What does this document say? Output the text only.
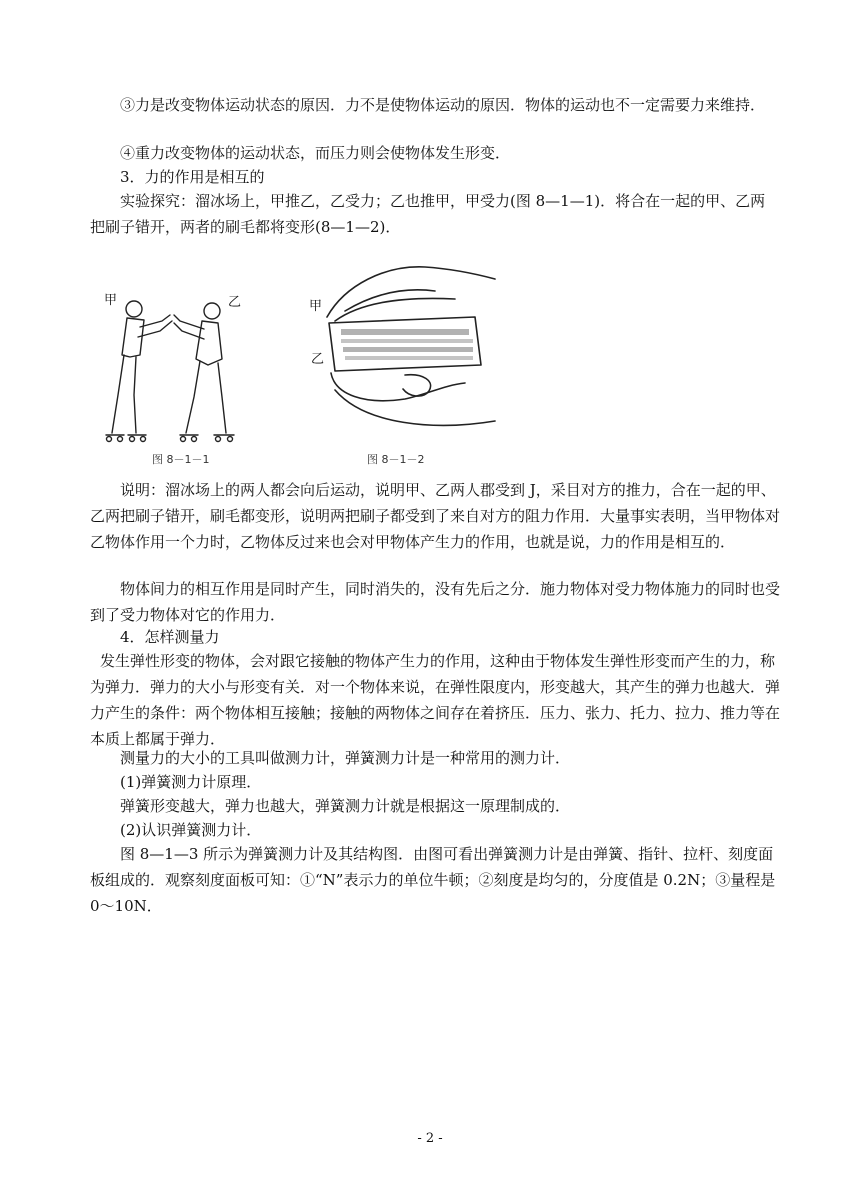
③力是改变物体运动状态的原因．力不是使物体运动的原因．物体的运动也不一定需要力来维持．

④重力改变物体的运动状态，而压力则会使物体发生形变．

3．力的作用是相互的

实验探究：溜冰场上，甲推乙，乙受力；乙也推甲，甲受力(图 8—1—1)．将合在一起的甲、乙两把刷子错开，两者的刷毛都将变形(8—1—2)．

甲	乙
图 8－1－1
甲
乙
图 8－1－2

说明：溜冰场上的两人都会向后运动，说明甲、乙两人郡受到 J，采目对方的推力，合在一起的甲、乙两把刷子错开，刷毛都变形，说明两把刷子都受到了来自对方的阻力作用．大量事实表明，当甲物体对乙物体作用一个力时，乙物体反过来也会对甲物体产生力的作用，也就是说，力的作用是相互的．

物体间力的相互作用是同时产生，同时消失的，没有先后之分．施力物体对受力物体施力的同时也受到了受力物体对它的作用力．

4．怎样测量力

发生弹性形变的物体，会对跟它接触的物体产生力的作用，这种由于物体发生弹性形变而产生的力，称为弹力．弹力的大小与形变有关．对一个物体来说，在弹性限度内，形变越大，其产生的弹力也越大．弹力产生的条件：两个物体相互接触；接触的两物体之间存在着挤压．压力、张力、托力、拉力、推力等在本质上都属于弹力．

测量力的大小的工具叫做测力计，弹簧测力计是一种常用的测力计．

(1)弹簧测力计原理．

弹簧形变越大，弹力也越大，弹簧测力计就是根据这一原理制成的．

(2)认识弹簧测力计．

图 8—1—3 所示为弹簧测力计及其结构图．由图可看出弹簧测力计是由弹簧、指针、拉杆、刻度面板组成的．观察刻度面板可知：①“N”表示力的单位牛顿；②刻度是均匀的，分度值是 0.2N；③量程是 0～10N．

- 2 -
